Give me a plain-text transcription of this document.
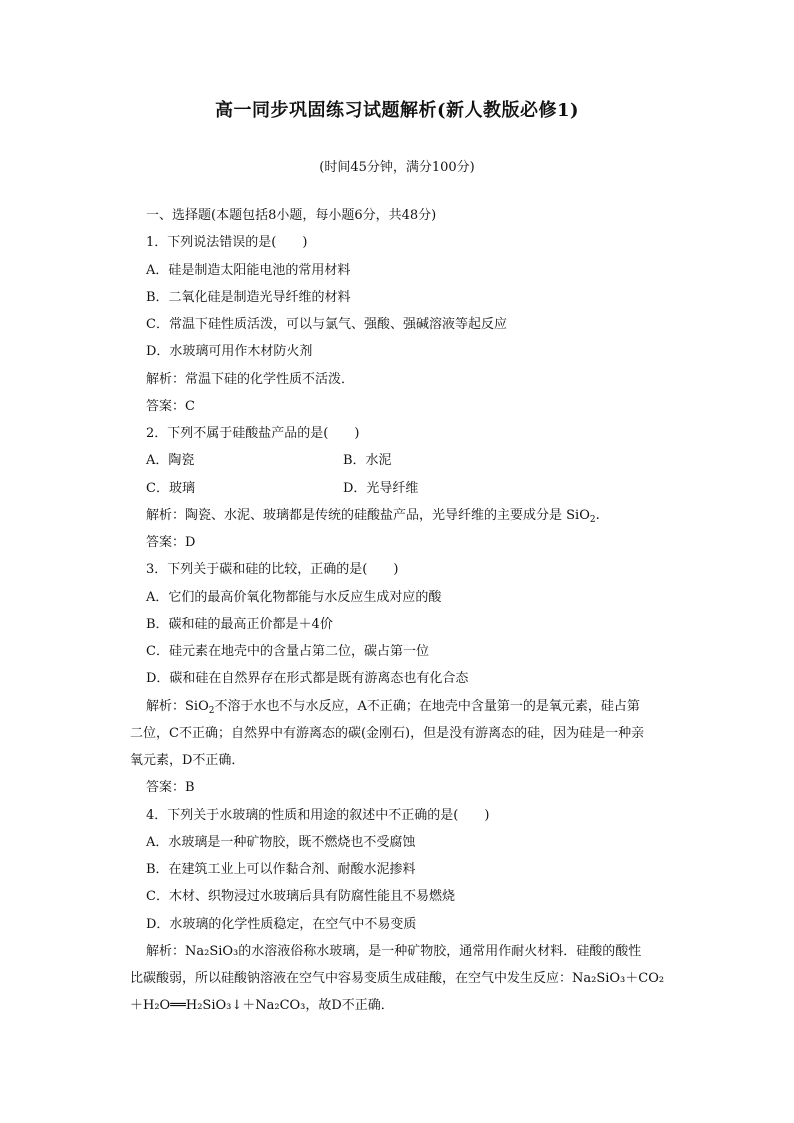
高一同步巩固练习试题解析(新人教版必修1)
(时间45分钟，满分100分)
一、选择题(本题包括8小题，每小题6分，共48分)
1．下列说法错误的是(　　)
A．硅是制造太阳能电池的常用材料
B．二氧化硅是制造光导纤维的材料
C．常温下硅性质活泼，可以与氯气、强酸、强碱溶液等起反应
D．水玻璃可用作木材防火剂
解析：常温下硅的化学性质不活泼．
答案：C
2．下列不属于硅酸盐产品的是(　　)
A．陶瓷	B．水泥
C．玻璃	D．光导纤维
解析：陶瓷、水泥、玻璃都是传统的硅酸盐产品，光导纤维的主要成分是 SiO$_2$.
答案：D
3．下列关于碳和硅的比较，正确的是(　　)
A．它们的最高价氧化物都能与水反应生成对应的酸
B．碳和硅的最高正价都是＋4价
C．硅元素在地壳中的含量占第二位，碳占第一位
D．碳和硅在自然界存在形式都是既有游离态也有化合态
解析：SiO$_2$不溶于水也不与水反应，A不正确；在地壳中含量第一的是氧元素，硅占第
二位，C不正确；自然界中有游离态的碳(金刚石)，但是没有游离态的硅，因为硅是一种亲
氧元素，D不正确．
答案：B
4．下列关于水玻璃的性质和用途的叙述中不正确的是(　　)
A．水玻璃是一种矿物胶，既不燃烧也不受腐蚀
B．在建筑工业上可以作黏合剂、耐酸水泥掺料
C．木材、织物浸过水玻璃后具有防腐性能且不易燃烧
D．水玻璃的化学性质稳定，在空气中不易变质
解析：Na₂SiO₃的水溶液俗称水玻璃，是一种矿物胶，通常用作耐火材料．硅酸的酸性
比碳酸弱，所以硅酸钠溶液在空气中容易变质生成硅酸，在空气中发生反应：Na₂SiO₃＋CO₂
＋H₂O══H₂SiO₃↓＋Na₂CO₃，故D不正确．
